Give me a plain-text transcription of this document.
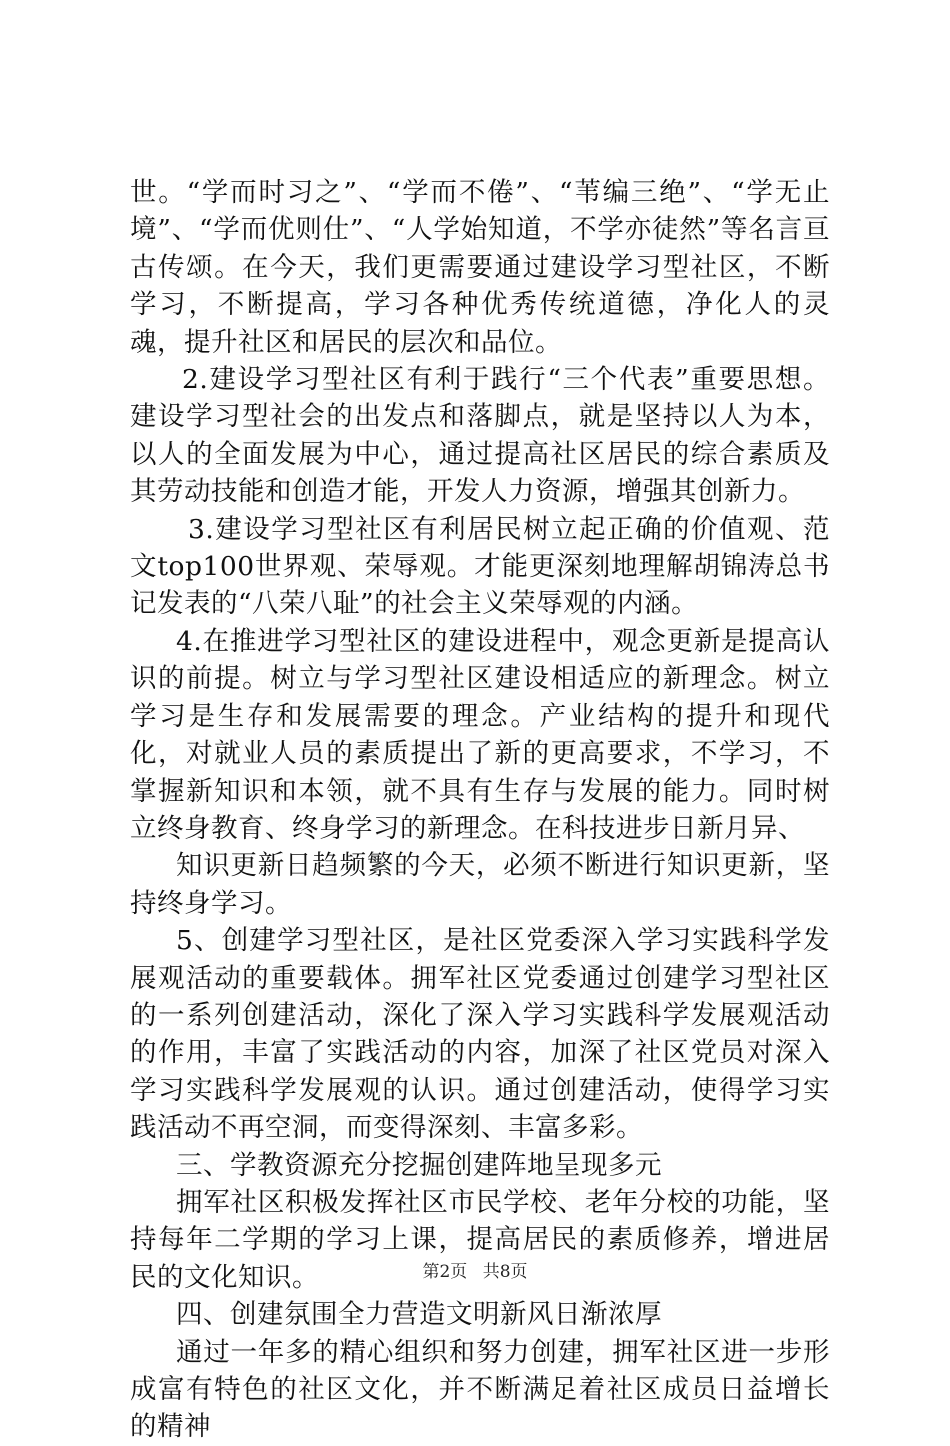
世。“学而时习之”、“学而不倦”、“苇编三绝”、“学无止境”、“学而优则仕”、“人学始知道，不学亦徒然”等名言亘古传颂。在今天，我们更需要通过建设学习型社区，不断学习，不断提高，学习各种优秀传统道德，净化人的灵魂，提升社区和居民的层次和品位。

2.建设学习型社区有利于践行“三个代表”重要思想。建设学习型社会的出发点和落脚点，就是坚持以人为本，以人的全面发展为中心，通过提高社区居民的综合素质及其劳动技能和创造才能，开发人力资源，增强其创新力。

3.建设学习型社区有利居民树立起正确的价值观、范文top100世界观、荣辱观。才能更深刻地理解胡锦涛总书记发表的“八荣八耻”的社会主义荣辱观的内涵。

4.在推进学习型社区的建设进程中，观念更新是提高认识的前提。树立与学习型社区建设相适应的新理念。树立学习是生存和发展需要的理念。产业结构的提升和现代化，对就业人员的素质提出了新的更高要求，不学习，不掌握新知识和本领，就不具有生存与发展的能力。同时树立终身教育、终身学习的新理念。在科技进步日新月异、

知识更新日趋频繁的今天，必须不断进行知识更新，坚持终身学习。

5、创建学习型社区，是社区党委深入学习实践科学发展观活动的重要载体。拥军社区党委通过创建学习型社区的一系列创建活动，深化了深入学习实践科学发展观活动的作用，丰富了实践活动的内容，加深了社区党员对深入学习实践科学发展观的认识。通过创建活动，使得学习实践活动不再空洞，而变得深刻、丰富多彩。

三、学教资源充分挖掘创建阵地呈现多元

拥军社区积极发挥社区市民学校、老年分校的功能，坚持每年二学期的学习上课，提高居民的素质修养，增进居民的文化知识。

四、创建氛围全力营造文明新风日渐浓厚

通过一年多的精心组织和努力创建，拥军社区进一步形成富有特色的社区文化，并不断满足着社区成员日益增长的精神

第2页 共8页
